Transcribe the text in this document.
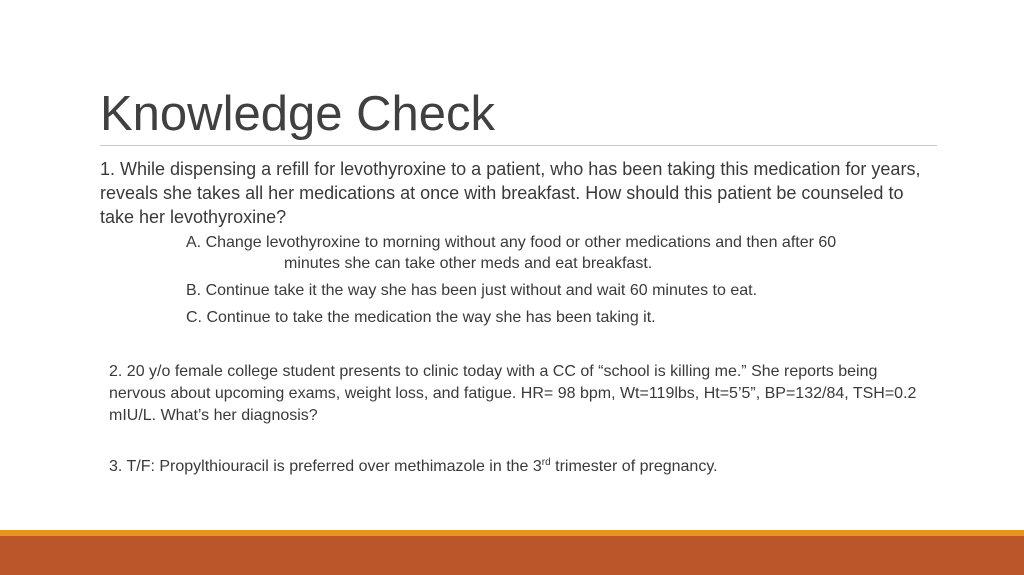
Knowledge Check
1. While dispensing a refill for levothyroxine to a patient, who has been taking this medication for years, reveals she takes all her medications at once with breakfast. How should this patient be counseled to take her levothyroxine?
A. Change levothyroxine to morning without any food or other medications and then after 60
minutes she can take other meds and eat breakfast.
B. Continue take it the way she has been just without and wait 60 minutes to eat.
C. Continue to take the medication the way she has been taking it.
2. 20 y/o female college student presents to clinic today with a CC of “school is killing me.” She reports being nervous about upcoming exams, weight loss, and fatigue. HR= 98 bpm, Wt=119lbs, Ht=5’5”, BP=132/84, TSH=0.2 mIU/L. What’s her diagnosis?
3. T/F: Propylthiouracil is preferred over methimazole in the 3rd trimester of pregnancy.
